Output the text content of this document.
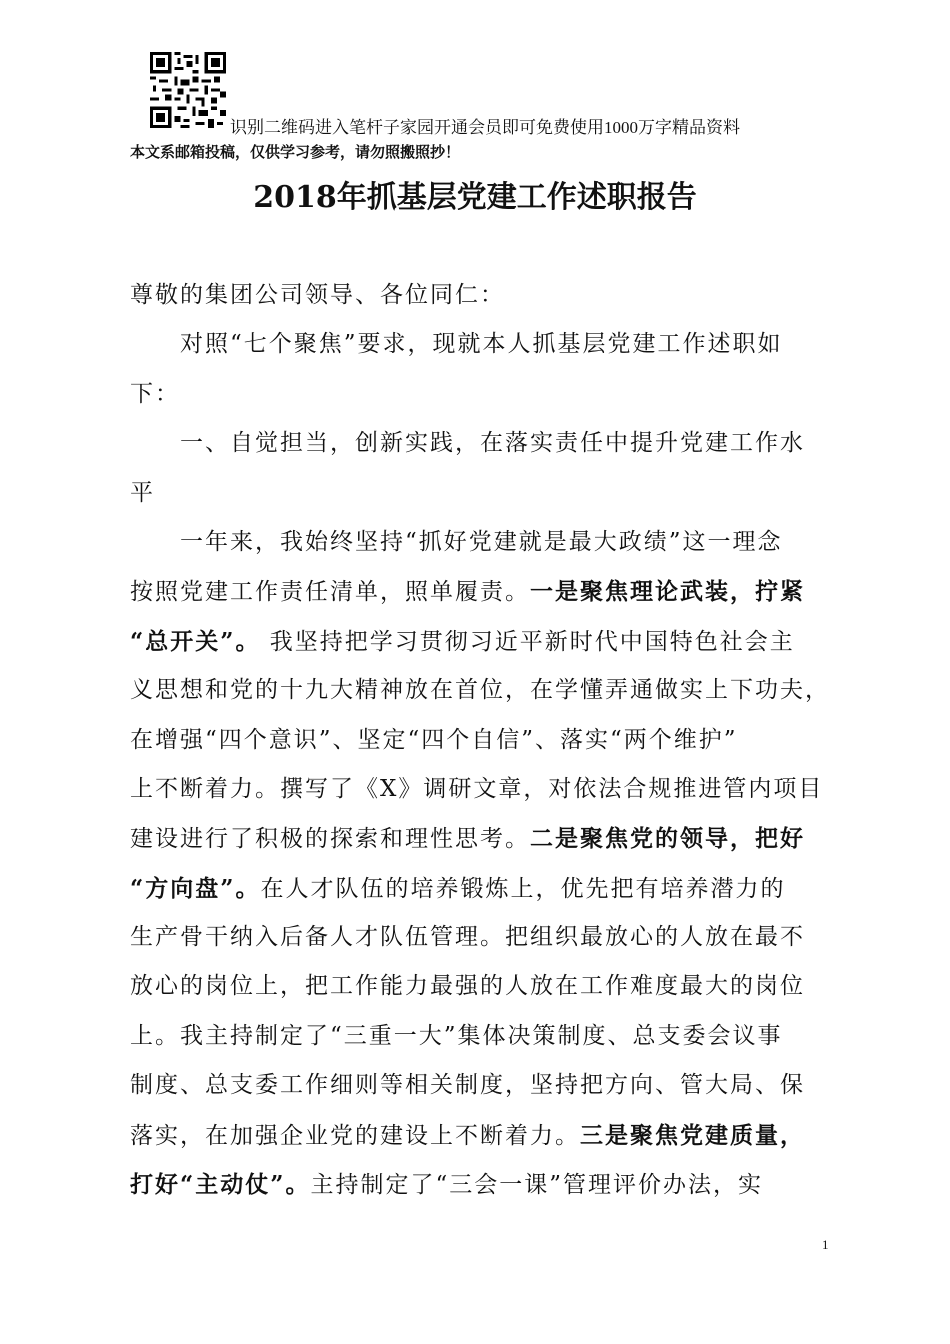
识别二维码进入笔杆子家园开通会员即可免费使用1000万字精品资料
本文系邮箱投稿，仅供学习参考，请勿照搬照抄！
2018年抓基层党建工作述职报告
尊敬的集团公司领导、各位同仁：
对照“七个聚焦”要求，现就本人抓基层党建工作述职如
下：
一、自觉担当，创新实践，在落实责任中提升党建工作水
平
一年来，我始终坚持“抓好党建就是最大政绩”这一理念
按照党建工作责任清单，照单履责。一是聚焦理论武装，拧紧
“总开关”。 我坚持把学习贯彻习近平新时代中国特色社会主
义思想和党的十九大精神放在首位，在学懂弄通做实上下功夫，
在增强“四个意识”、坚定“四个自信”、落实“两个维护”
上不断着力。撰写了《X》调研文章，对依法合规推进管内项目
建设进行了积极的探索和理性思考。二是聚焦党的领导，把好
“方向盘”。在人才队伍的培养锻炼上，优先把有培养潜力的
生产骨干纳入后备人才队伍管理。把组织最放心的人放在最不
放心的岗位上，把工作能力最强的人放在工作难度最大的岗位
上。我主持制定了“三重一大”集体决策制度、总支委会议事
制度、总支委工作细则等相关制度，坚持把方向、管大局、保
落实，在加强企业党的建设上不断着力。三是聚焦党建质量，
打好“主动仗”。主持制定了“三会一课”管理评价办法，实
1
